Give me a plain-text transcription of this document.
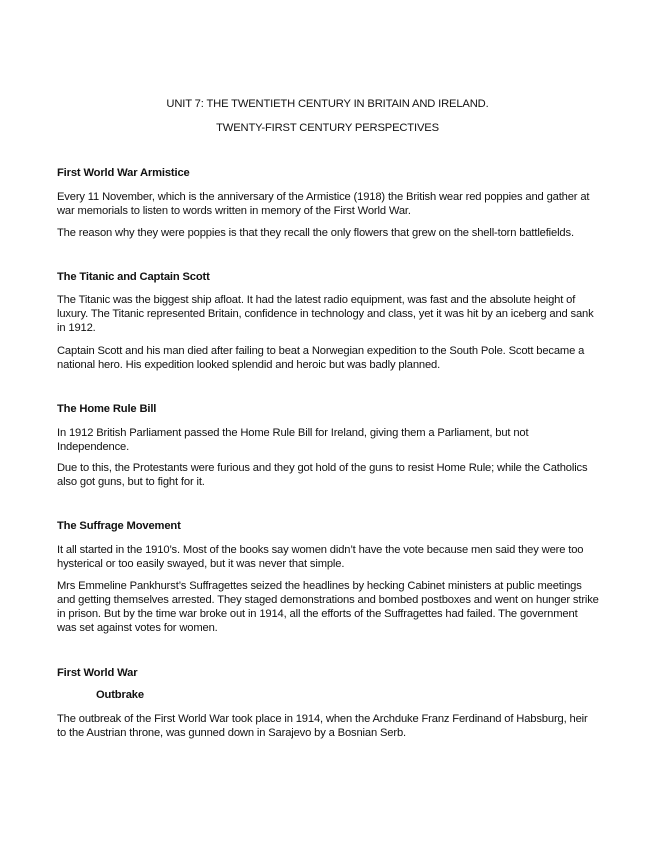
UNIT 7: THE TWENTIETH CENTURY IN BRITAIN AND IRELAND.
TWENTY-FIRST CENTURY PERSPECTIVES
First World War Armistice
Every 11 November, which is the anniversary of the Armistice (1918) the British wear red poppies and gather at war memorials to listen to words written in memory of the First World War.
The reason why they were poppies is that they recall the only flowers that grew on the shell-torn battlefields.
The Titanic and Captain Scott
The Titanic was the biggest ship afloat. It had the latest radio equipment, was fast and the absolute height of luxury. The Titanic represented Britain, confidence in technology and class, yet it was hit by an iceberg and sank in 1912.
Captain Scott and his man died after failing to beat a Norwegian expedition to the South Pole. Scott became a national hero. His expedition looked splendid and heroic but was badly planned.
The Home Rule Bill
In 1912 British Parliament passed the Home Rule Bill for Ireland, giving them a Parliament, but not Independence.
Due to this, the Protestants were furious and they got hold of the guns to resist Home Rule; while the Catholics also got guns, but to fight for it.
The Suffrage Movement
It all started in the 1910’s. Most of the books say women didn’t have the vote because men said they were too hysterical or too easily swayed, but it was never that simple.
Mrs Emmeline Pankhurst’s Suffragettes seized the headlines by hecking Cabinet ministers at public meetings and getting themselves arrested. They staged demonstrations and bombed postboxes and went on hunger strike in prison. But by the time war broke out in 1914, all the efforts of the Suffragettes had failed. The government was set against votes for women.
First World War
Outbrake
The outbreak of the First World War took place in 1914, when the Archduke Franz Ferdinand of Habsburg, heir to the Austrian throne, was gunned down in Sarajevo by a Bosnian Serb.
